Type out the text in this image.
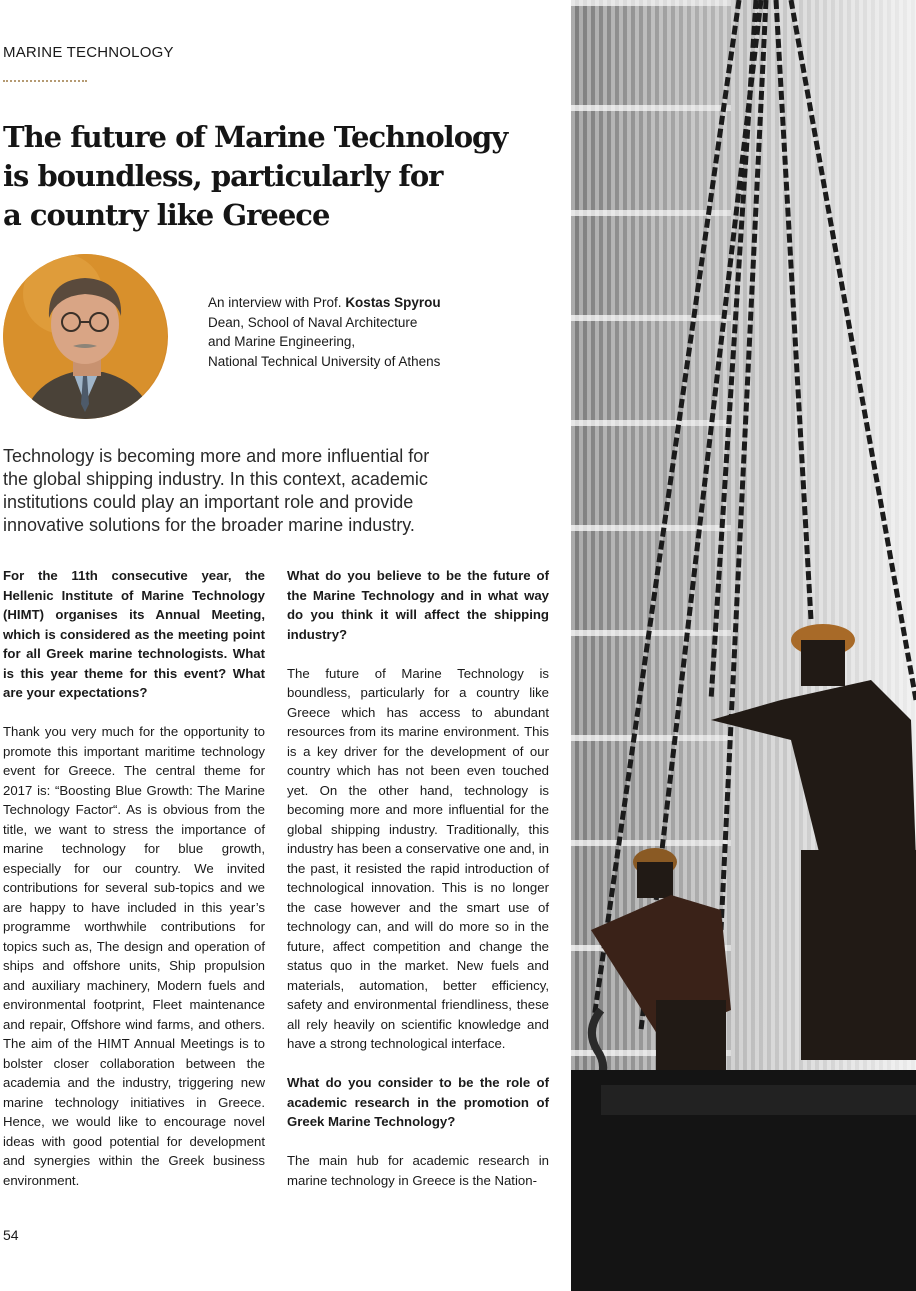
MARINE TECHNOLOGY
The future of Marine Technology
is boundless, particularly for
a country like Greece
An interview with Prof. Kostas Spyrou
Dean, School of Naval Architecture
and Marine Engineering,
National Technical University of Athens
Technology is becoming more and more influential for the global shipping industry. In this context, academic institutions could play an important role and provide innovative solutions for the broader marine industry.

For the 11th consecutive year, the Hellenic Institute of Marine Technology (HIMT) organises its Annual Meeting, which is considered as the meeting point for all Greek marine technologists. What is this year theme for this event? What are your expectations?

Thank you very much for the opportunity to promote this important maritime technology event for Greece. The central theme for 2017 is: “Boosting Blue Growth: The Marine Technology Factor“. As is obvious from the title, we want to stress the importance of marine technology for blue growth, especially for our country. We invited contributions for several sub-topics and we are happy to have included in this year’s programme worthwhile contributions for topics such as, The design and operation of ships and offshore units, Ship propulsion and auxiliary machinery, Modern fuels and environmental footprint, Fleet maintenance and repair, Offshore wind farms, and others. The aim of the HIMT Annual Meetings is to bolster closer collaboration between the academia and the industry, triggering new marine technology initiatives in Greece. Hence, we would like to encourage novel ideas with good potential for development and synergies within the Greek business environment.

What do you believe to be the future of the Marine Technology and in what way do you think it will affect the shipping industry?

The future of Marine Technology is boundless, particularly for a country like Greece which has access to abundant resources from its marine environment. This is a key driver for the development of our country which has not been even touched yet. On the other hand, technology is becoming more and more influential for the global shipping industry. Traditionally, this industry has been a conservative one and, in the past, it resisted the rapid introduction of technological innovation. This is no longer the case however and the smart use of technology can, and will do more so in the future, affect competition and change the status quo in the market. New fuels and materials, automation, better efficiency, safety and environmental friendliness, these all rely heavily on scientific knowledge and have a strong technological interface.

What do you consider to be the role of academic research in the promotion of Greek Marine Technology?

The main hub for academic research in marine technology in Greece is the Nation-

54
